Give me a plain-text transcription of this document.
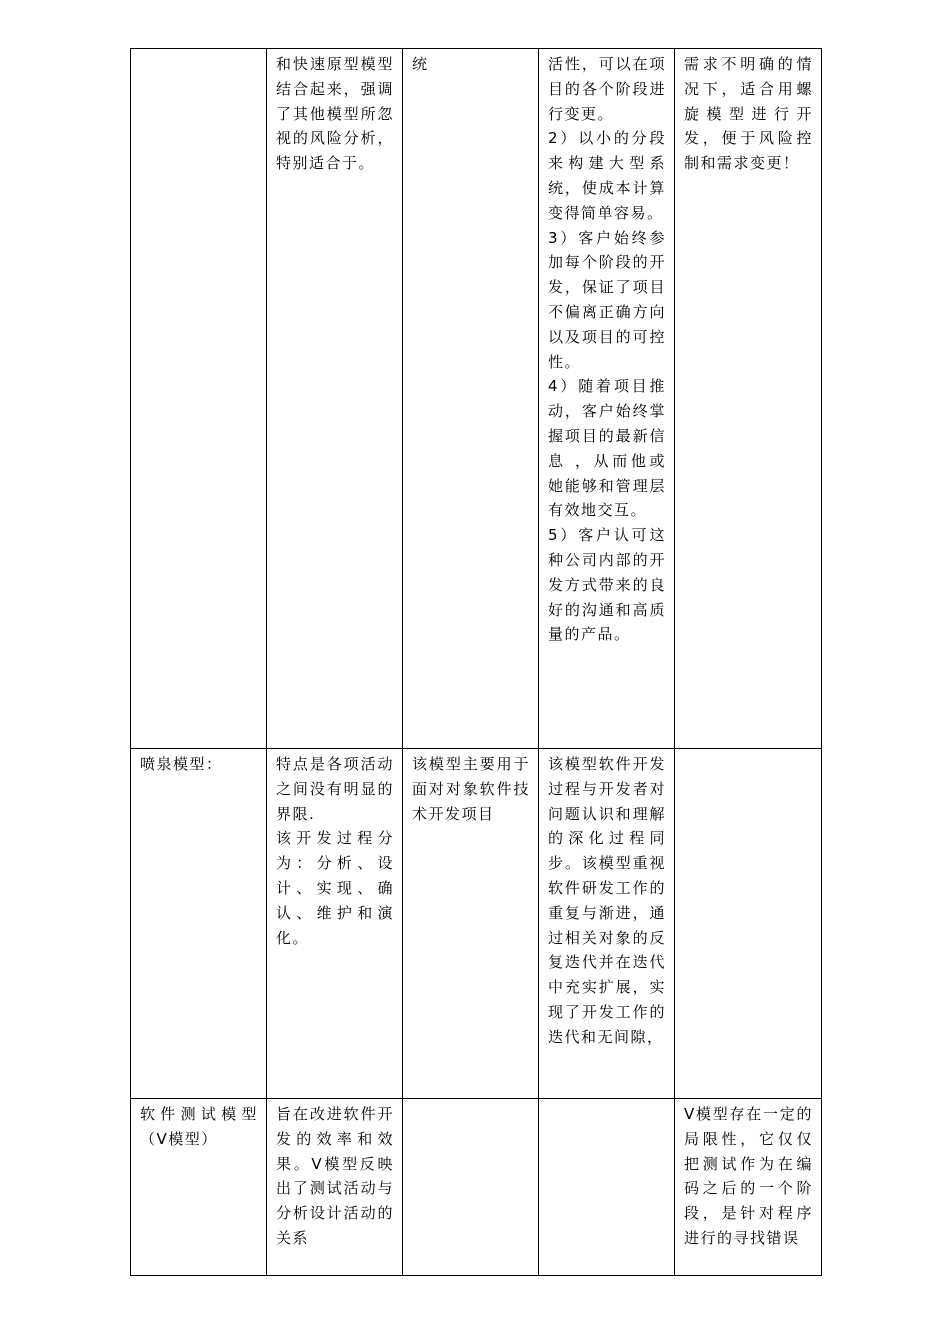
	和快速原型模型结合起来，强调了其他模型所忽视的风险分析，特别适合于。	统	活性，可以在项目的各个阶段进行变更。
2）以小的分段来构建大型系统，使成本计算变得简单容易。
3）客户始终参加每个阶段的开发，保证了项目不偏离正确方向以及项目的可控性。
4）随着项目推动，客户始终掌握项目的最新信息 ，从而他或她能够和管理层有效地交互。
5）客户认可这种公司内部的开发方式带来的良好的沟通和高质量的产品。	需求不明确的情况下，适合用螺旋模型进行开发，便于风险控制和需求变更！
喷泉模型：	特点是各项活动之间没有明显的界限.
该开发过程分为：分析、设计、实现、确认、维护和演化。	该模型主要用于面对对象软件技术开发项目	该模型软件开发过程与开发者对问题认识和理解的深化过程同步。该模型重视软件研发工作的重复与渐进，通过相关对象的反复迭代并在迭代中充实扩展，实现了开发工作的迭代和无间隙，	
软件测试模型（V模型）	旨在改进软件开发的效率和效果。V模型反映出了测试活动与分析设计活动的关系			V模型存在一定的局限性，它仅仅把测试作为在编码之后的一个阶段，是针对程序进行的寻找错误
